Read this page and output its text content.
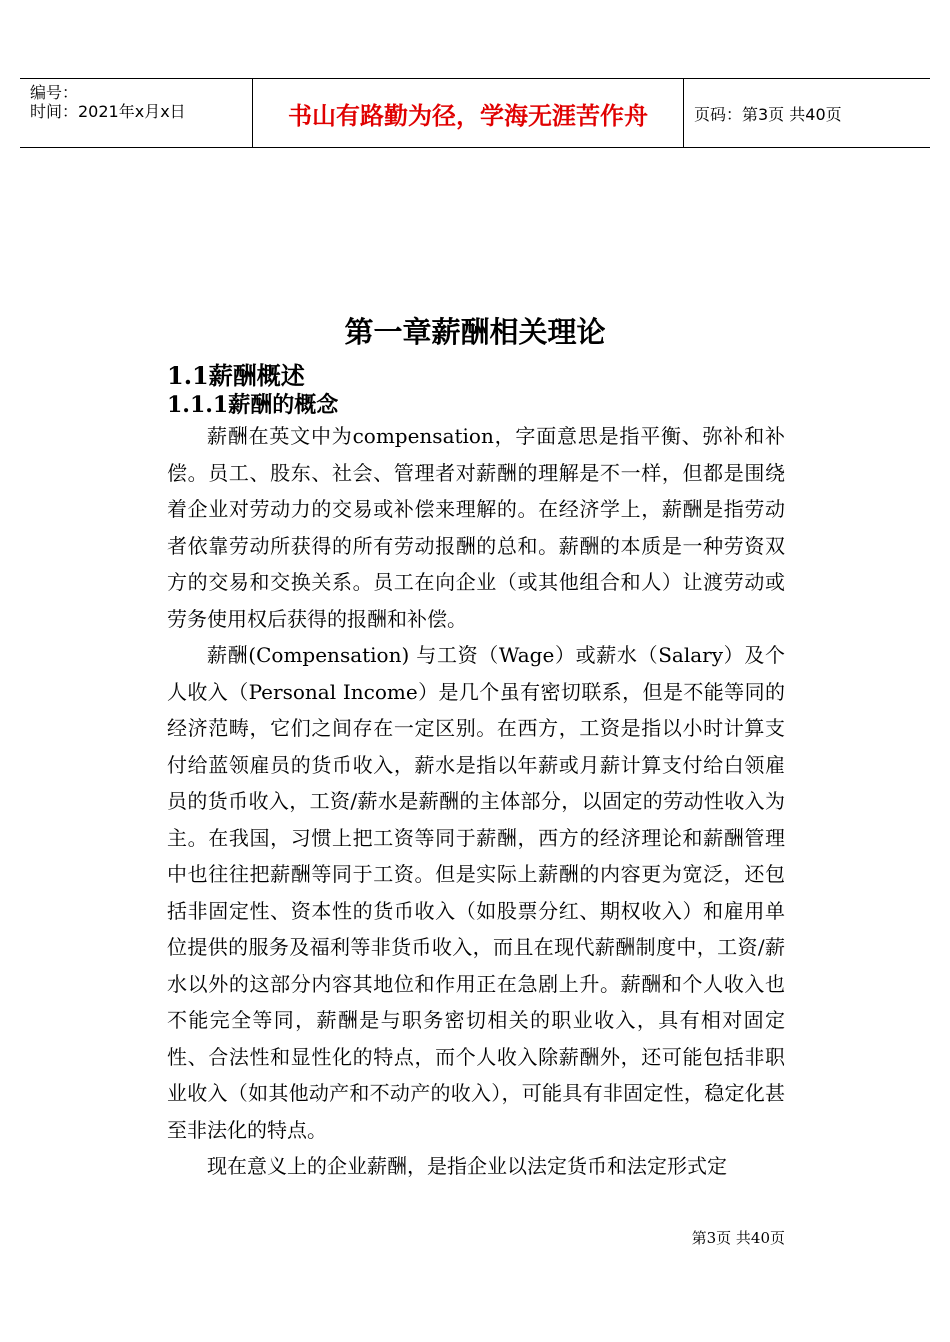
编号：
时间：2021年x月x日	书山有路勤为径，学海无涯苦作舟	页码：第3页 共40页
第一章薪酬相关理论
1.1薪酬概述
1.1.1薪酬的概念

薪酬在英文中为compensation，字面意思是指平衡、弥补和补偿。员工、股东、社会、管理者对薪酬的理解是不一样，但都是围绕着企业对劳动力的交易或补偿来理解的。在经济学上，薪酬是指劳动者依靠劳动所获得的所有劳动报酬的总和。薪酬的本质是一种劳资双方的交易和交换关系。员工在向企业（或其他组合和人）让渡劳动或劳务使用权后获得的报酬和补偿。

薪酬(Compensation) 与工资（Wage）或薪水（Salary）及个人收入（Personal Income）是几个虽有密切联系，但是不能等同的经济范畴，它们之间存在一定区别。在西方，工资是指以小时计算支付给蓝领雇员的货币收入，薪水是指以年薪或月薪计算支付给白领雇员的货币收入，工资/薪水是薪酬的主体部分，以固定的劳动性收入为主。在我国，习惯上把工资等同于薪酬，西方的经济理论和薪酬管理中也往往把薪酬等同于工资。但是实际上薪酬的内容更为宽泛，还包括非固定性、资本性的货币收入（如股票分红、期权收入）和雇用单位提供的服务及福利等非货币收入，而且在现代薪酬制度中，工资/薪水以外的这部分内容其地位和作用正在急剧上升。薪酬和个人收入也不能完全等同，薪酬是与职务密切相关的职业收入，具有相对固定性、合法性和显性化的特点，而个人收入除薪酬外，还可能包括非职业收入（如其他动产和不动产的收入），可能具有非固定性，稳定化甚至非法化的特点。

现在意义上的企业薪酬，是指企业以法定货币和法定形式定

第3页 共40页
